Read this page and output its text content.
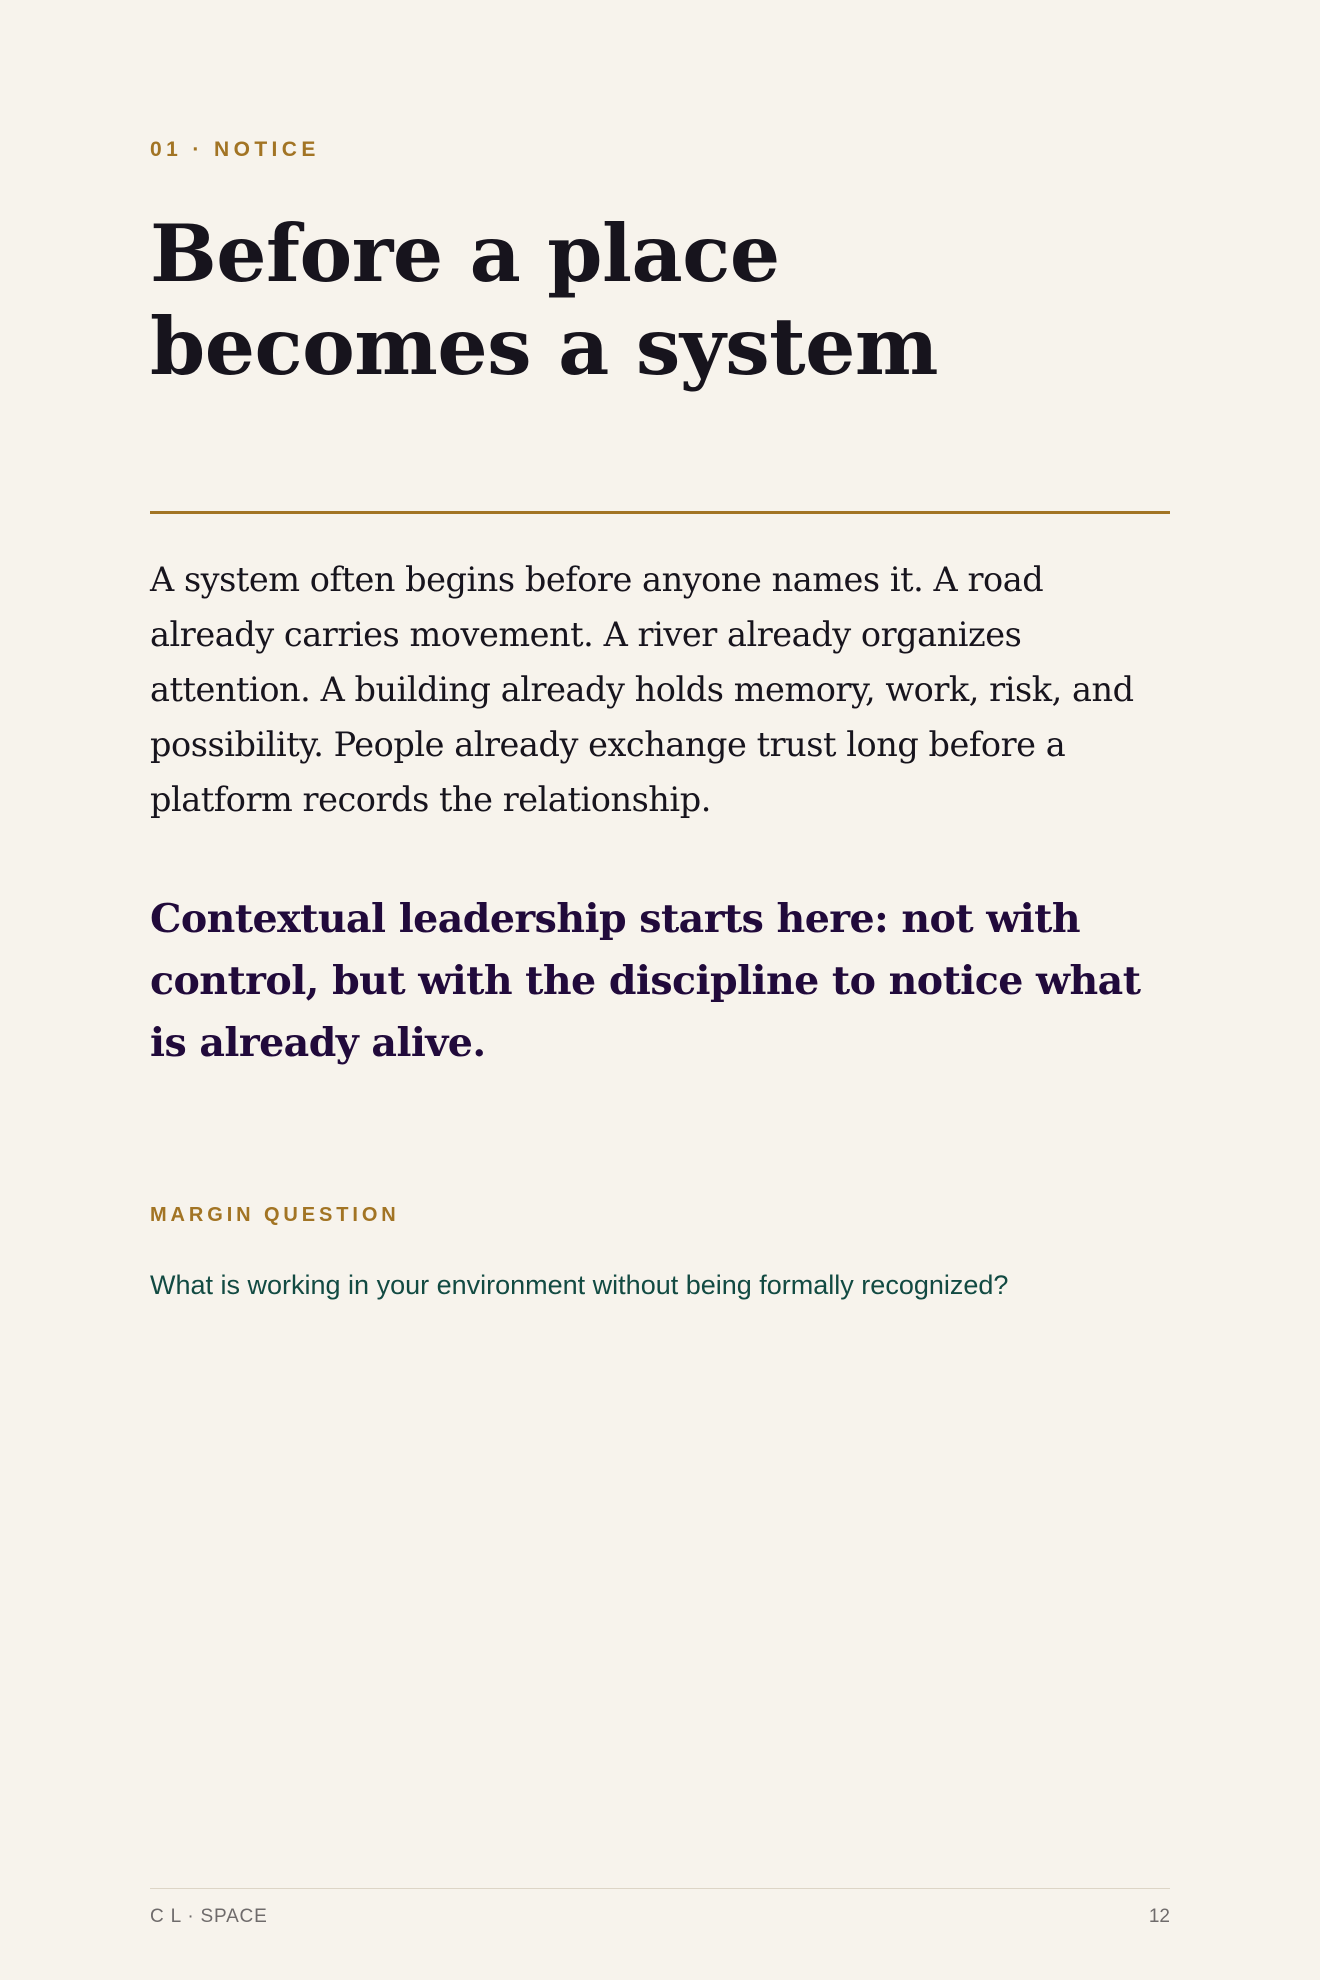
01 · NOTICE

Before a place
becomes a system

A system often begins before anyone names it. A road already carries movement. A river already organizes attention. A building already holds memory, work, risk, and possibility. People already exchange trust long before a platform records the relationship.

Contextual leadership starts here: not with control, but with the discipline to notice what is already alive.

MARGIN QUESTION

What is working in your environment without being formally recognized?

C L · SPACE	12
